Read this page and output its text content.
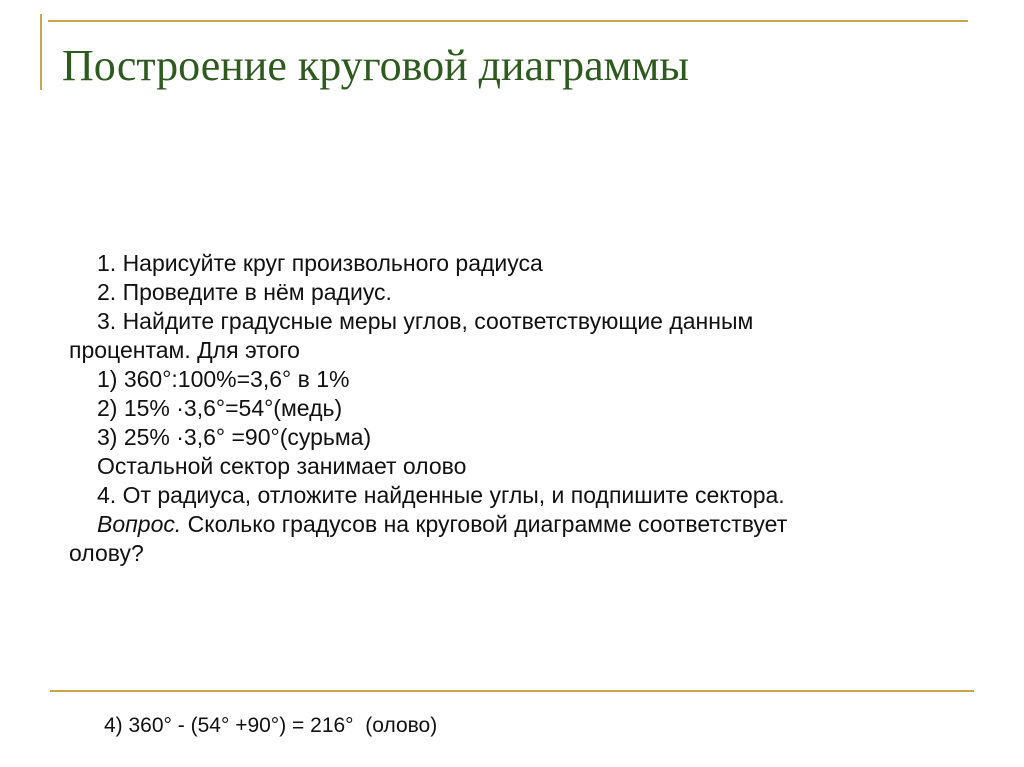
Построение круговой диаграммы
1. Нарисуйте круг произвольного радиуса
2. Проведите в нём радиус.
3. Найдите градусные меры углов, соответствующие данным
процентам. Для этого
1) 360°:100%=3,6° в 1%
2) 15% ·3,6°=54°(медь)
3) 25% ·3,6° =90°(сурьма)
Остальной сектор занимает олово
4. От радиуса, отложите найденные углы, и подпишите сектора.
Вопрос. Сколько градусов на круговой диаграмме соответствует
олову?
4) 360° - (54° +90°) = 216°  (олово)
